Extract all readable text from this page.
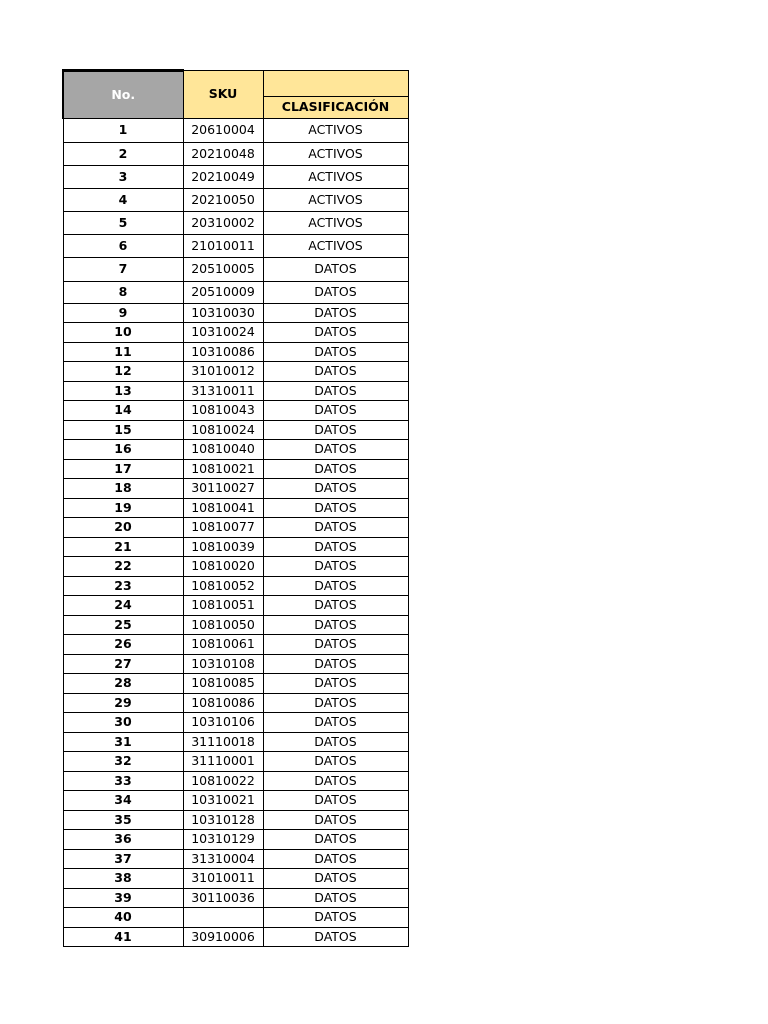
No.	SKU	
		CLASIFICACIÓN
1	20610004	ACTIVOS
2	20210048	ACTIVOS
3	20210049	ACTIVOS
4	20210050	ACTIVOS
5	20310002	ACTIVOS
6	21010011	ACTIVOS
7	20510005	DATOS
8	20510009	DATOS
9	10310030	DATOS
10	10310024	DATOS
11	10310086	DATOS
12	31010012	DATOS
13	31310011	DATOS
14	10810043	DATOS
15	10810024	DATOS
16	10810040	DATOS
17	10810021	DATOS
18	30110027	DATOS
19	10810041	DATOS
20	10810077	DATOS
21	10810039	DATOS
22	10810020	DATOS
23	10810052	DATOS
24	10810051	DATOS
25	10810050	DATOS
26	10810061	DATOS
27	10310108	DATOS
28	10810085	DATOS
29	10810086	DATOS
30	10310106	DATOS
31	31110018	DATOS
32	31110001	DATOS
33	10810022	DATOS
34	10310021	DATOS
35	10310128	DATOS
36	10310129	DATOS
37	31310004	DATOS
38	31010011	DATOS
39	30110036	DATOS
40		DATOS
41	30910006	DATOS
